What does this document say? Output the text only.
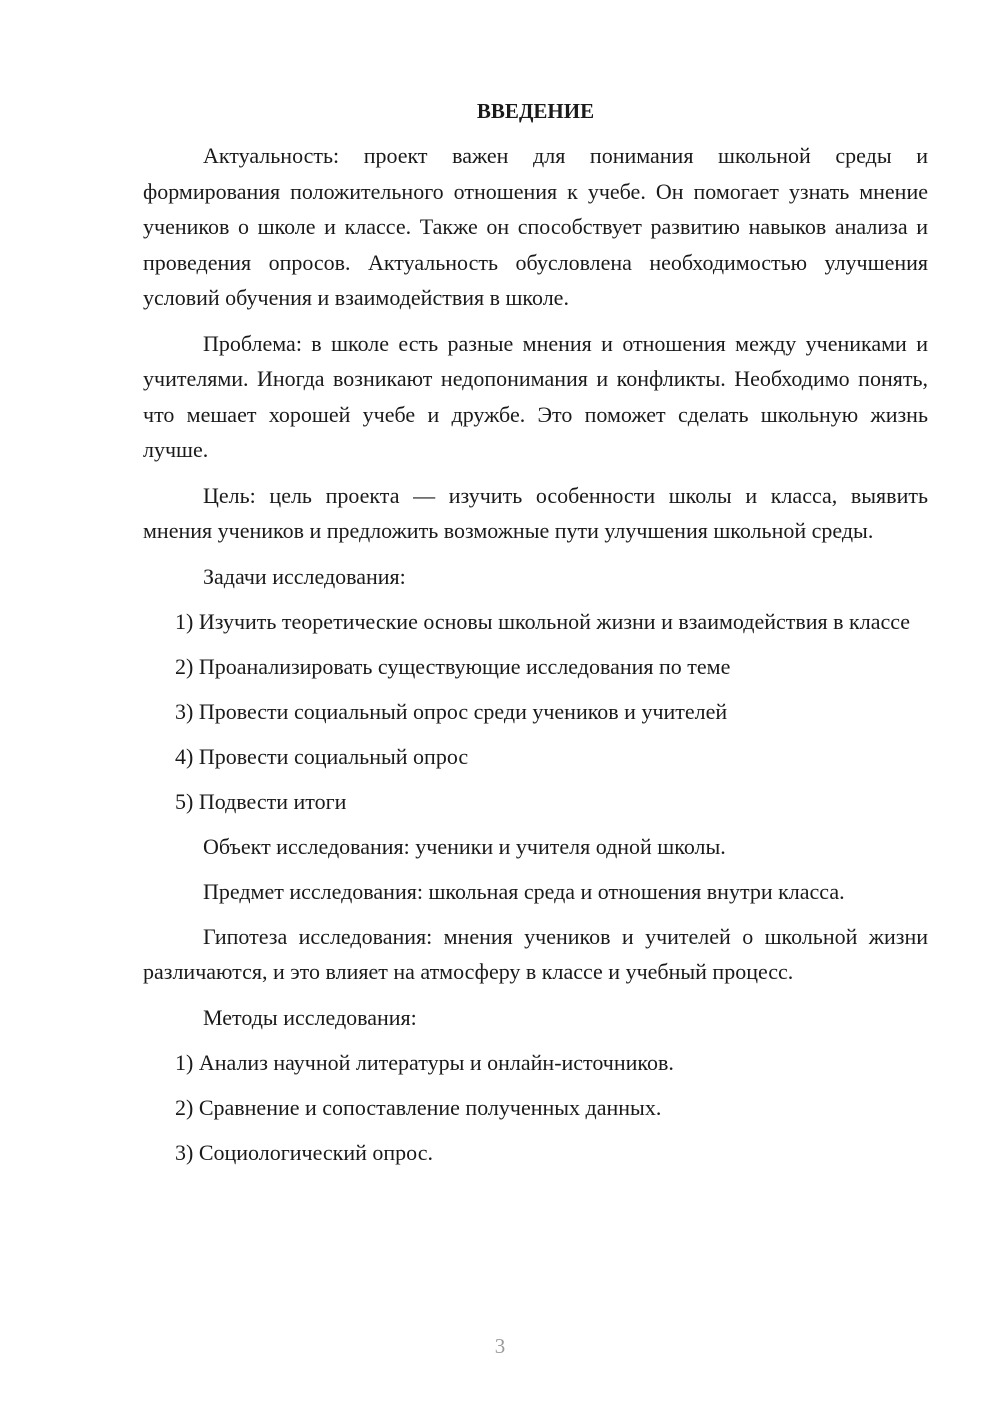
ВВЕДЕНИЕ

Актуальность: проект важен для понимания школьной среды и формирования положительного отношения к учебе. Он помогает узнать мнение учеников о школе и классе. Также он способствует развитию навыков анализа и проведения опросов. Актуальность обусловлена необходимостью улучшения условий обучения и взаимодействия в школе.

Проблема: в школе есть разные мнения и отношения между учениками и учителями. Иногда возникают недопонимания и конфликты. Необходимо понять, что мешает хорошей учебе и дружбе. Это поможет сделать школьную жизнь лучше.

Цель: цель проекта — изучить особенности школы и класса, выявить мнения учеников и предложить возможные пути улучшения школьной среды.

Задачи исследования:

1) Изучить теоретические основы школьной жизни и взаимодействия в классе

2) Проанализировать существующие исследования по теме

3) Провести социальный опрос среди учеников и учителей

4) Провести социальный опрос

5) Подвести итоги

Объект исследования: ученики и учителя одной школы.

Предмет исследования: школьная среда и отношения внутри класса.

Гипотеза исследования: мнения учеников и учителей о школьной жизни различаются, и это влияет на атмосферу в классе и учебный процесс.

Методы исследования:

1) Анализ научной литературы и онлайн-источников.

2) Сравнение и сопоставление полученных данных.

3) Социологический опрос.

3
